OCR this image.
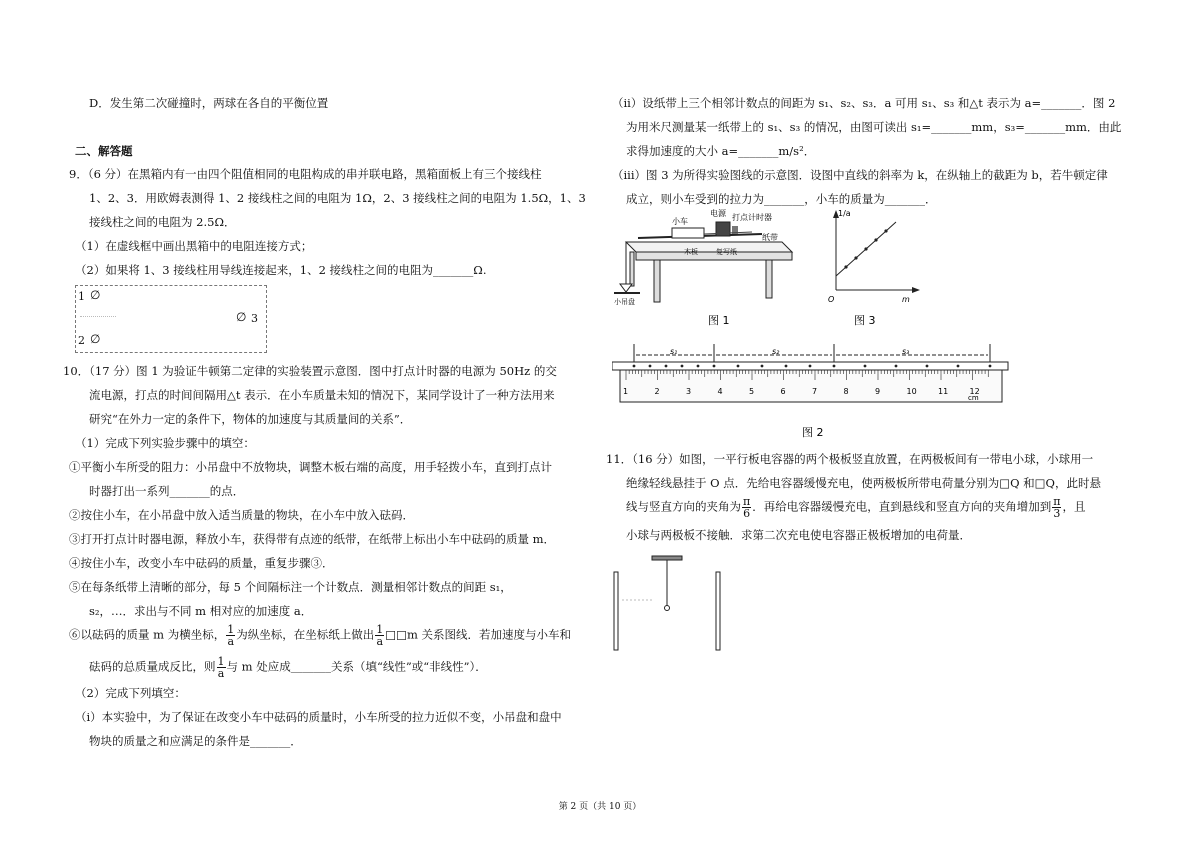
D．发生第二次碰撞时，两球在各自的平衡位置
二、解答题
9．（6 分）在黑箱内有一由四个阻值相同的电阻构成的串并联电路，黑箱面板上有三个接线柱
1、2、3．用欧姆表测得 1、2 接线柱之间的电阻为 1Ω，2、3 接线柱之间的电阻为 1.5Ω，1、3
接线柱之间的电阻为 2.5Ω．
（1）在虚线框中画出黑箱中的电阻连接方式；
（2）如果将 1、3 接线柱用导线连接起来，1、2 接线柱之间的电阻为_______Ω.
1 ∅
2 ∅
∅ 3
10．（17 分）图 1 为验证牛顿第二定律的实验装置示意图．图中打点计时器的电源为 50Hz 的交
流电源，打点的时间间隔用△t 表示．在小车质量未知的情况下，某同学设计了一种方法用来
研究“在外力一定的条件下，物体的加速度与其质量间的关系”．
（1）完成下列实验步骤中的填空：
①平衡小车所受的阻力：小吊盘中不放物块，调整木板右端的高度，用手轻拨小车，直到打点计
时器打出一系列_______的点．
②按住小车，在小吊盘中放入适当质量的物块，在小车中放入砝码．
③打开打点计时器电源，释放小车，获得带有点迹的纸带，在纸带上标出小车中砝码的质量 m．
④按住小车，改变小车中砝码的质量，重复步骤③．
⑤在每条纸带上清晰的部分，每 5 个间隔标注一个计数点．测量相邻计数点的间距 s₁，
s₂，…．求出与不同 m 相对应的加速度 a．
⑥以砝码的质量 m 为横坐标， $\frac{1}{a}$ 为纵坐标，在坐标纸上做出 $\frac{1}{a}$ □□m 关系图线．若加速度与小车和
砝码的总质量成反比，则 $\frac{1}{a}$ 与 m 处应成_______关系（填“线性”或“非线性”）．
（2）完成下列填空：
（i）本实验中，为了保证在改变小车中砝码的质量时，小车所受的拉力近似不变，小吊盘和盘中
物块的质量之和应满足的条件是_______．
（ii）设纸带上三个相邻计数点的间距为 s₁、s₂、s₃．a 可用 s₁、s₃ 和△t 表示为 a=_______．图 2
为用米尺测量某一纸带上的 s₁、s₃ 的情况，由图可读出 s₁=_______mm，s₃=_______mm．由此
求得加速度的大小 a=_______m/s²．
（iii）图 3 为所得实验图线的示意图．设图中直线的斜率为 k，在纵轴上的截距为 b，若牛顿定律
成立，则小车受到的拉力为_______，小车的质量为_______．
电源 打点计时器
小车
纸带
木板	复写纸
小吊盘
图 1
1/a
m
O
图 3
s₁	s₂	s₃
1	2	3	4	5	6	7	8	9	10	11	12
cm
图 2
11．（16 分）如图，一平行板电容器的两个极板竖直放置，在两极板间有一带电小球，小球用一
绝缘轻线悬挂于 O 点．先给电容器缓慢充电，使两极板所带电荷量分别为□Q 和□Q，此时悬
线与竖直方向的夹角为 $\frac{\pi}{6}$ ．再给电容器缓慢充电，直到悬线和竖直方向的夹角增加到 $\frac{\pi}{3}$ ，且
小球与两极板不接触．求第二次充电使电容器正极板增加的电荷量．
第 2 页（共 10 页）
